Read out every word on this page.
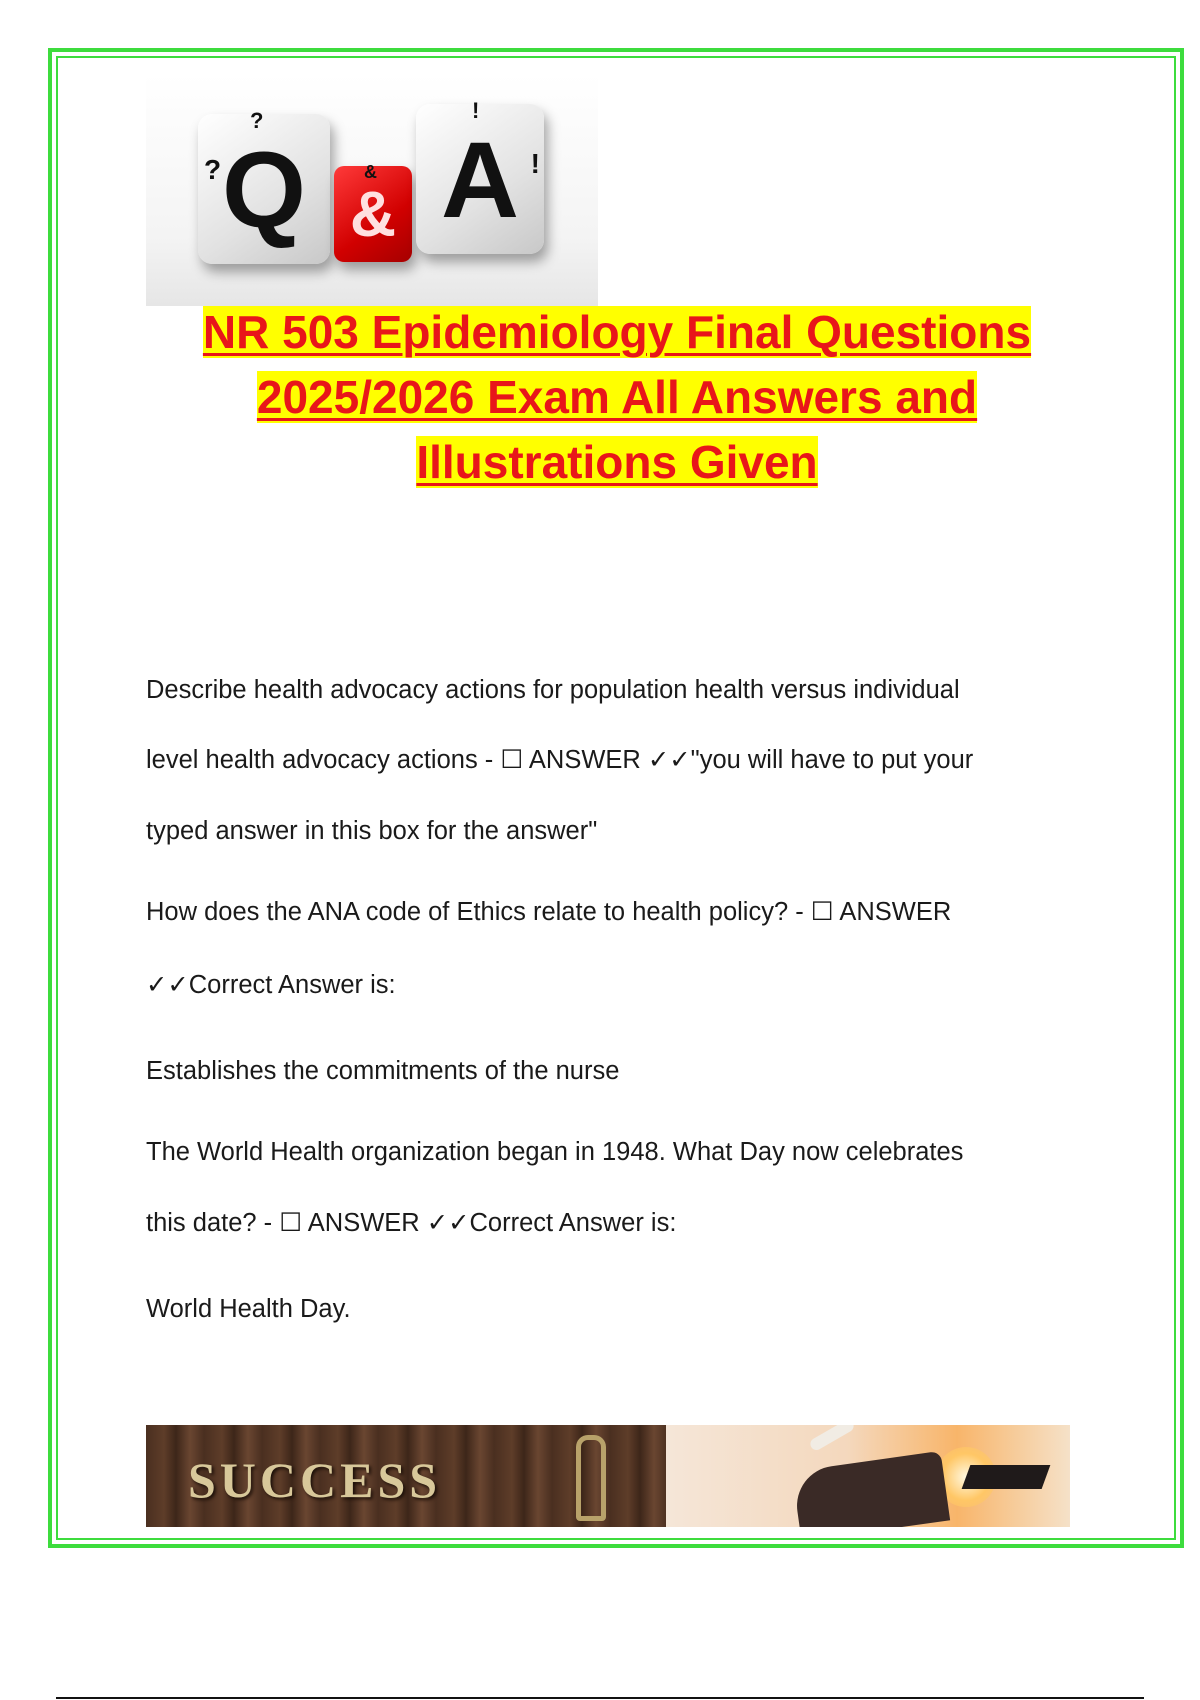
?
?
Q	&
&
!
!
A
NR 503 Epidemiology Final Questions
2025/2026 Exam All Answers and
Illustrations Given
Describe health advocacy actions for population health versus individual
level health advocacy actions - ☐ ANSWER ✓✓"you will have to put your
typed answer in this box for the answer"
How does the ANA code of Ethics relate to health policy? - ☐ ANSWER
✓✓Correct Answer is:
Establishes the commitments of the nurse
The World Health organization began in 1948. What Day now celebrates
this date? - ☐ ANSWER ✓✓Correct Answer is:
World Health Day.
SUCCESS
